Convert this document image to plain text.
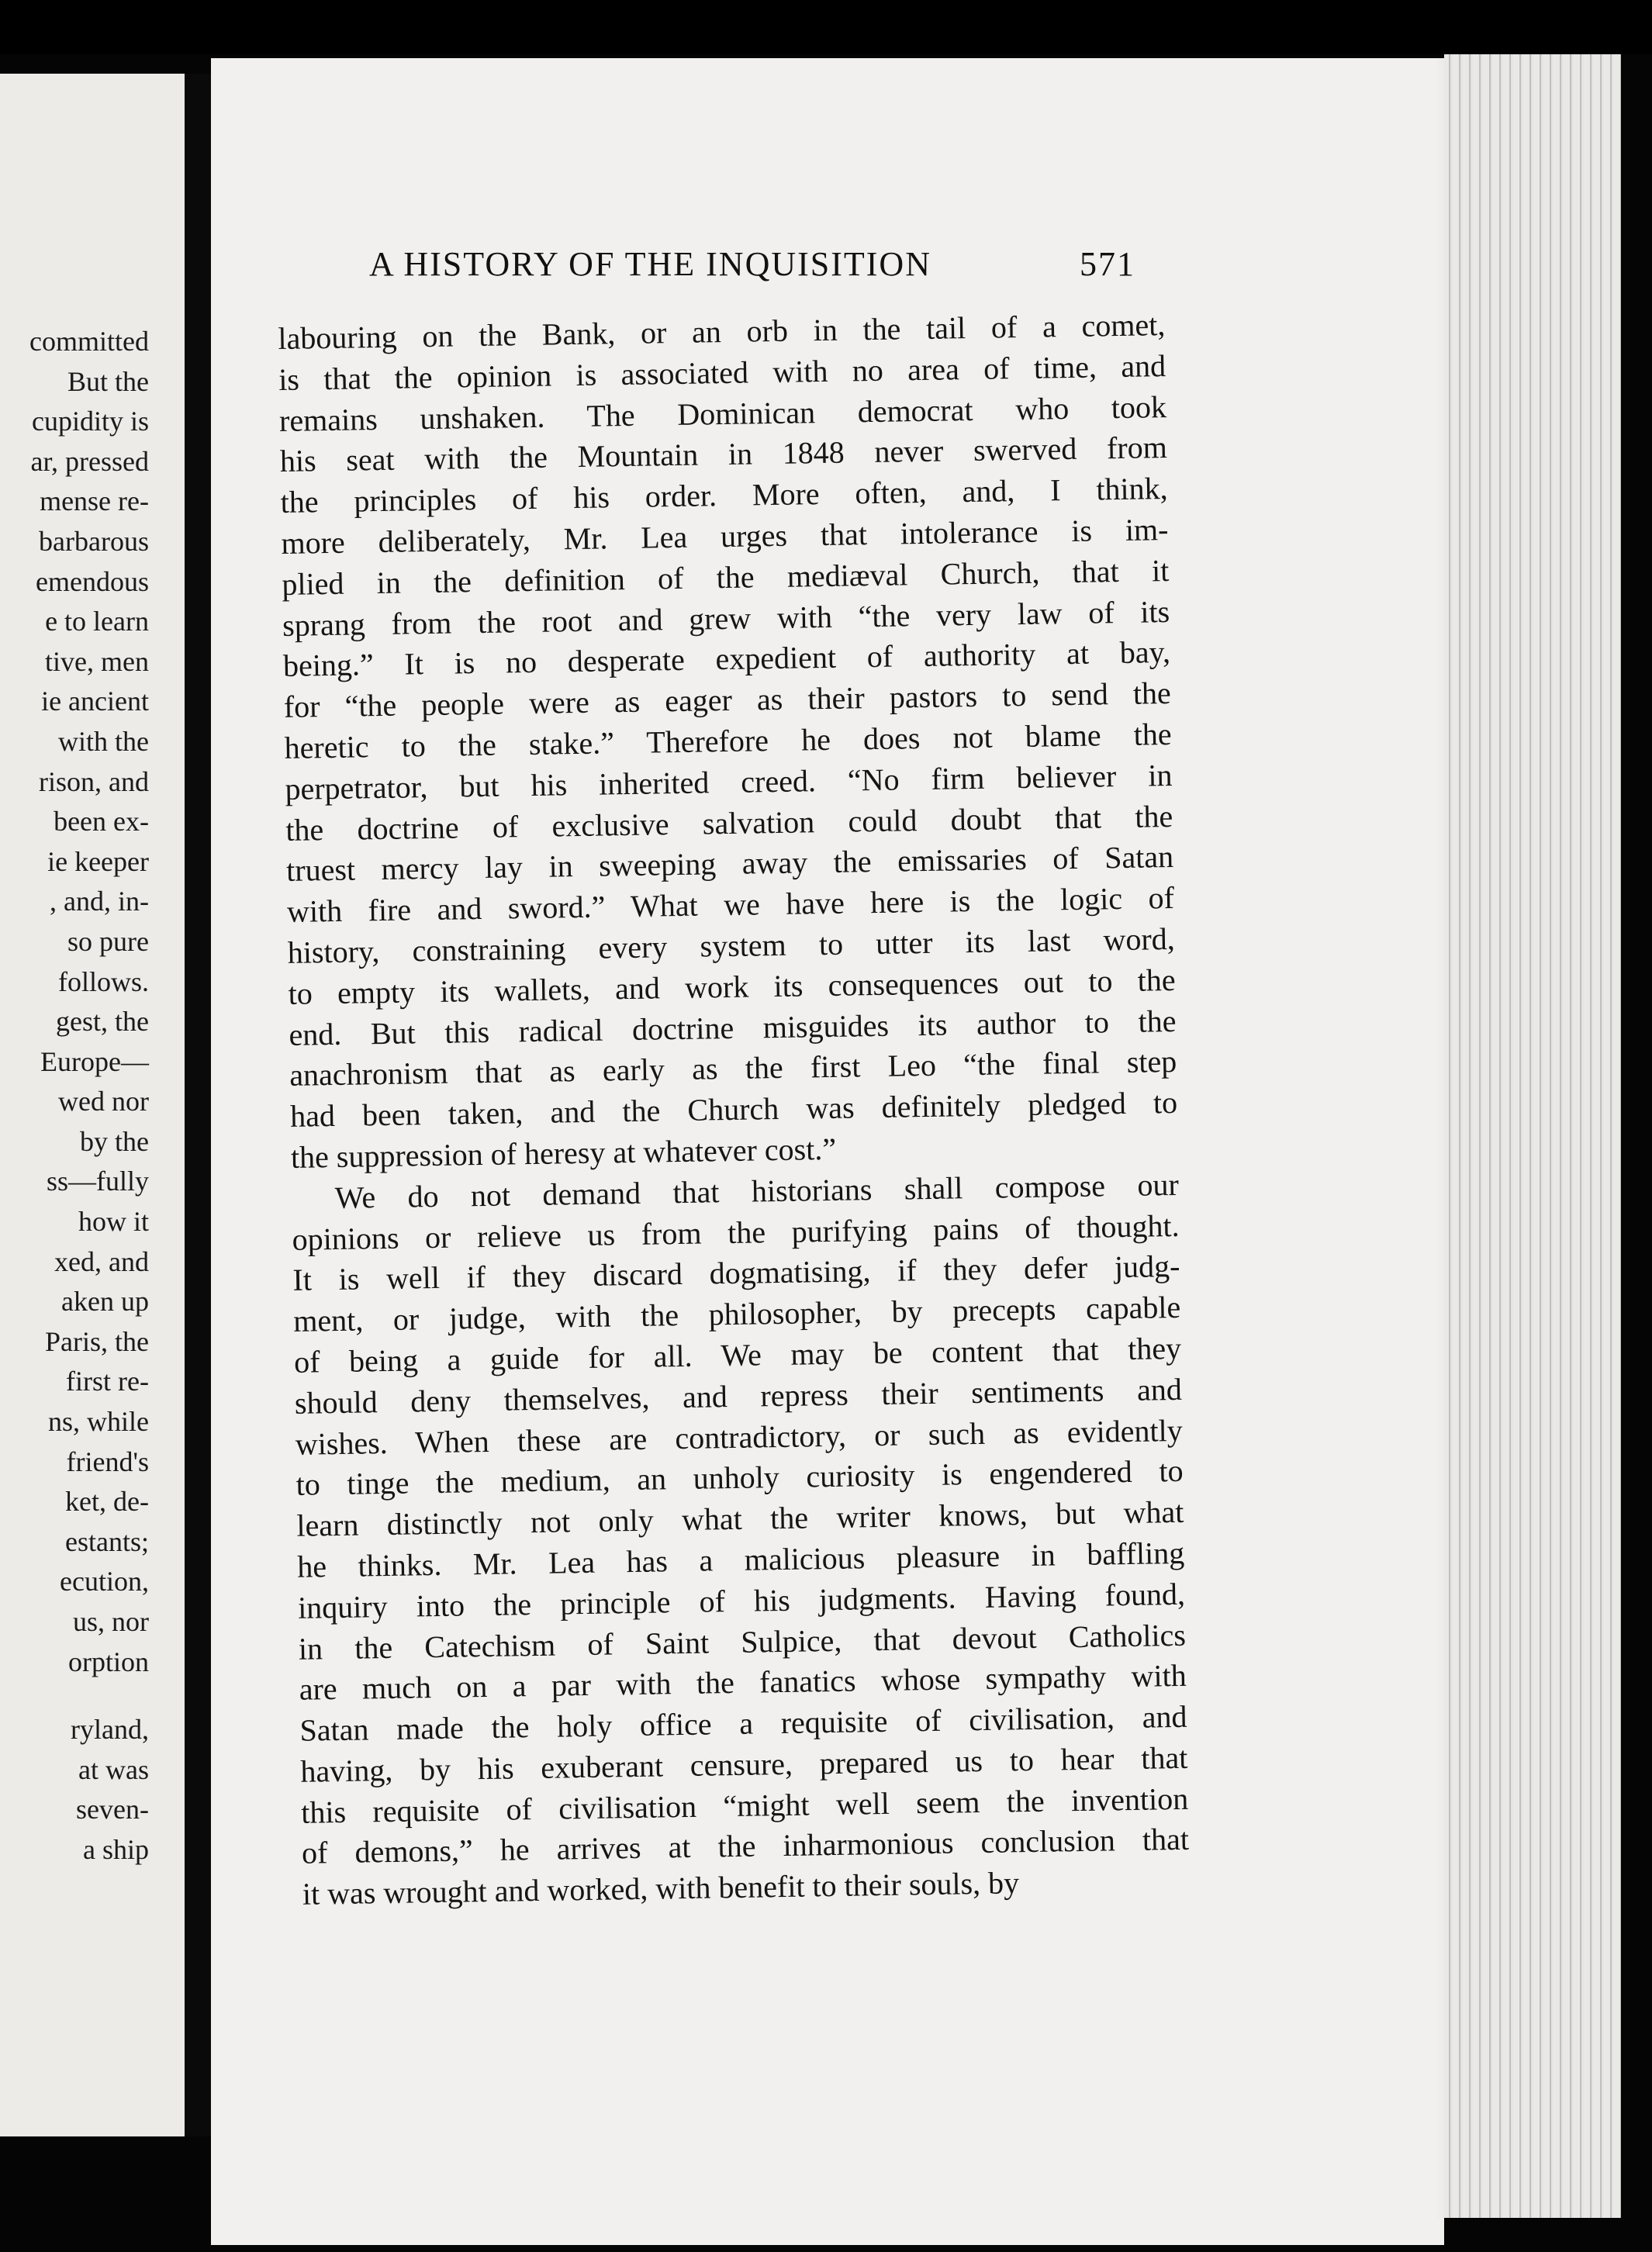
committed
But the
cupidity is
ar, pressed
mense re-
barbarous
emendous
e to learn
tive, men
ie ancient
with the
rison, and
been ex-
ie keeper
, and, in-
so pure
follows.
gest, the
Europe—
wed nor
by the
ss—fully
how it
xed, and
aken up
Paris, the
first re-
ns, while
friend's
ket, de-
estants;
ecution,
us, nor
orption
ryland,
at was
seven-
a ship
A HISTORY OF THE INQUISITION	571
labouring on the Bank, or an orb in the tail of a comet,
is that the opinion is associated with no area of time, and
remains unshaken. The Dominican democrat who took
his seat with the Mountain in 1848 never swerved from
the principles of his order. More often, and, I think,
more deliberately, Mr. Lea urges that intolerance is im-
plied in the definition of the mediæval Church, that it
sprang from the root and grew with “the very law of its
being.” It is no desperate expedient of authority at bay,
for “the people were as eager as their pastors to send the
heretic to the stake.” Therefore he does not blame the
perpetrator, but his inherited creed. “No firm believer in
the doctrine of exclusive salvation could doubt that the
truest mercy lay in sweeping away the emissaries of Satan
with fire and sword.” What we have here is the logic of
history, constraining every system to utter its last word,
to empty its wallets, and work its consequences out to the
end. But this radical doctrine misguides its author to the
anachronism that as early as the first Leo “the final step
had been taken, and the Church was definitely pledged to
the suppression of heresy at whatever cost.”
We do not demand that historians shall compose our
opinions or relieve us from the purifying pains of thought.
It is well if they discard dogmatising, if they defer judg-
ment, or judge, with the philosopher, by precepts capable
of being a guide for all. We may be content that they
should deny themselves, and repress their sentiments and
wishes. When these are contradictory, or such as evidently
to tinge the medium, an unholy curiosity is engendered to
learn distinctly not only what the writer knows, but what
he thinks. Mr. Lea has a malicious pleasure in baffling
inquiry into the principle of his judgments. Having found,
in the Catechism of Saint Sulpice, that devout Catholics
are much on a par with the fanatics whose sympathy with
Satan made the holy office a requisite of civilisation, and
having, by his exuberant censure, prepared us to hear that
this requisite of civilisation “might well seem the invention
of demons,” he arrives at the inharmonious conclusion that
it was wrought and worked, with benefit to their souls, by
